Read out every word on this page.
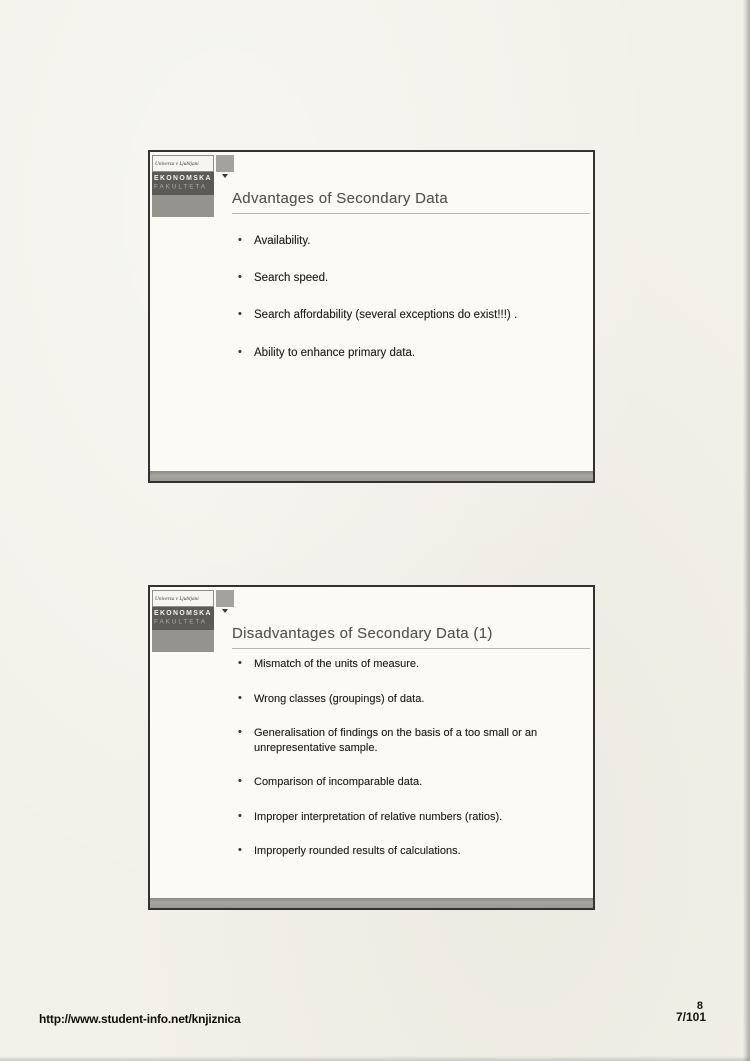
Univerza v Ljubljani
EKONOMSKA
FAKULTETA
Advantages of Secondary Data
• Availability.
• Search speed.
• Search affordability (several exceptions do exist!!!) .
• Ability to enhance primary data.
Univerza v Ljubljani
EKONOMSKA
FAKULTETA
Disadvantages of Secondary Data (1)
• Mismatch of the units of measure.
• Wrong classes (groupings) of data.
• Generalisation of findings on the basis of a too small or an unrepresentative sample.
• Comparison of incomparable data.
• Improper interpretation of relative numbers (ratios).
• Improperly rounded results of calculations.
http://www.student-info.net/knjiznica
8
7/101
